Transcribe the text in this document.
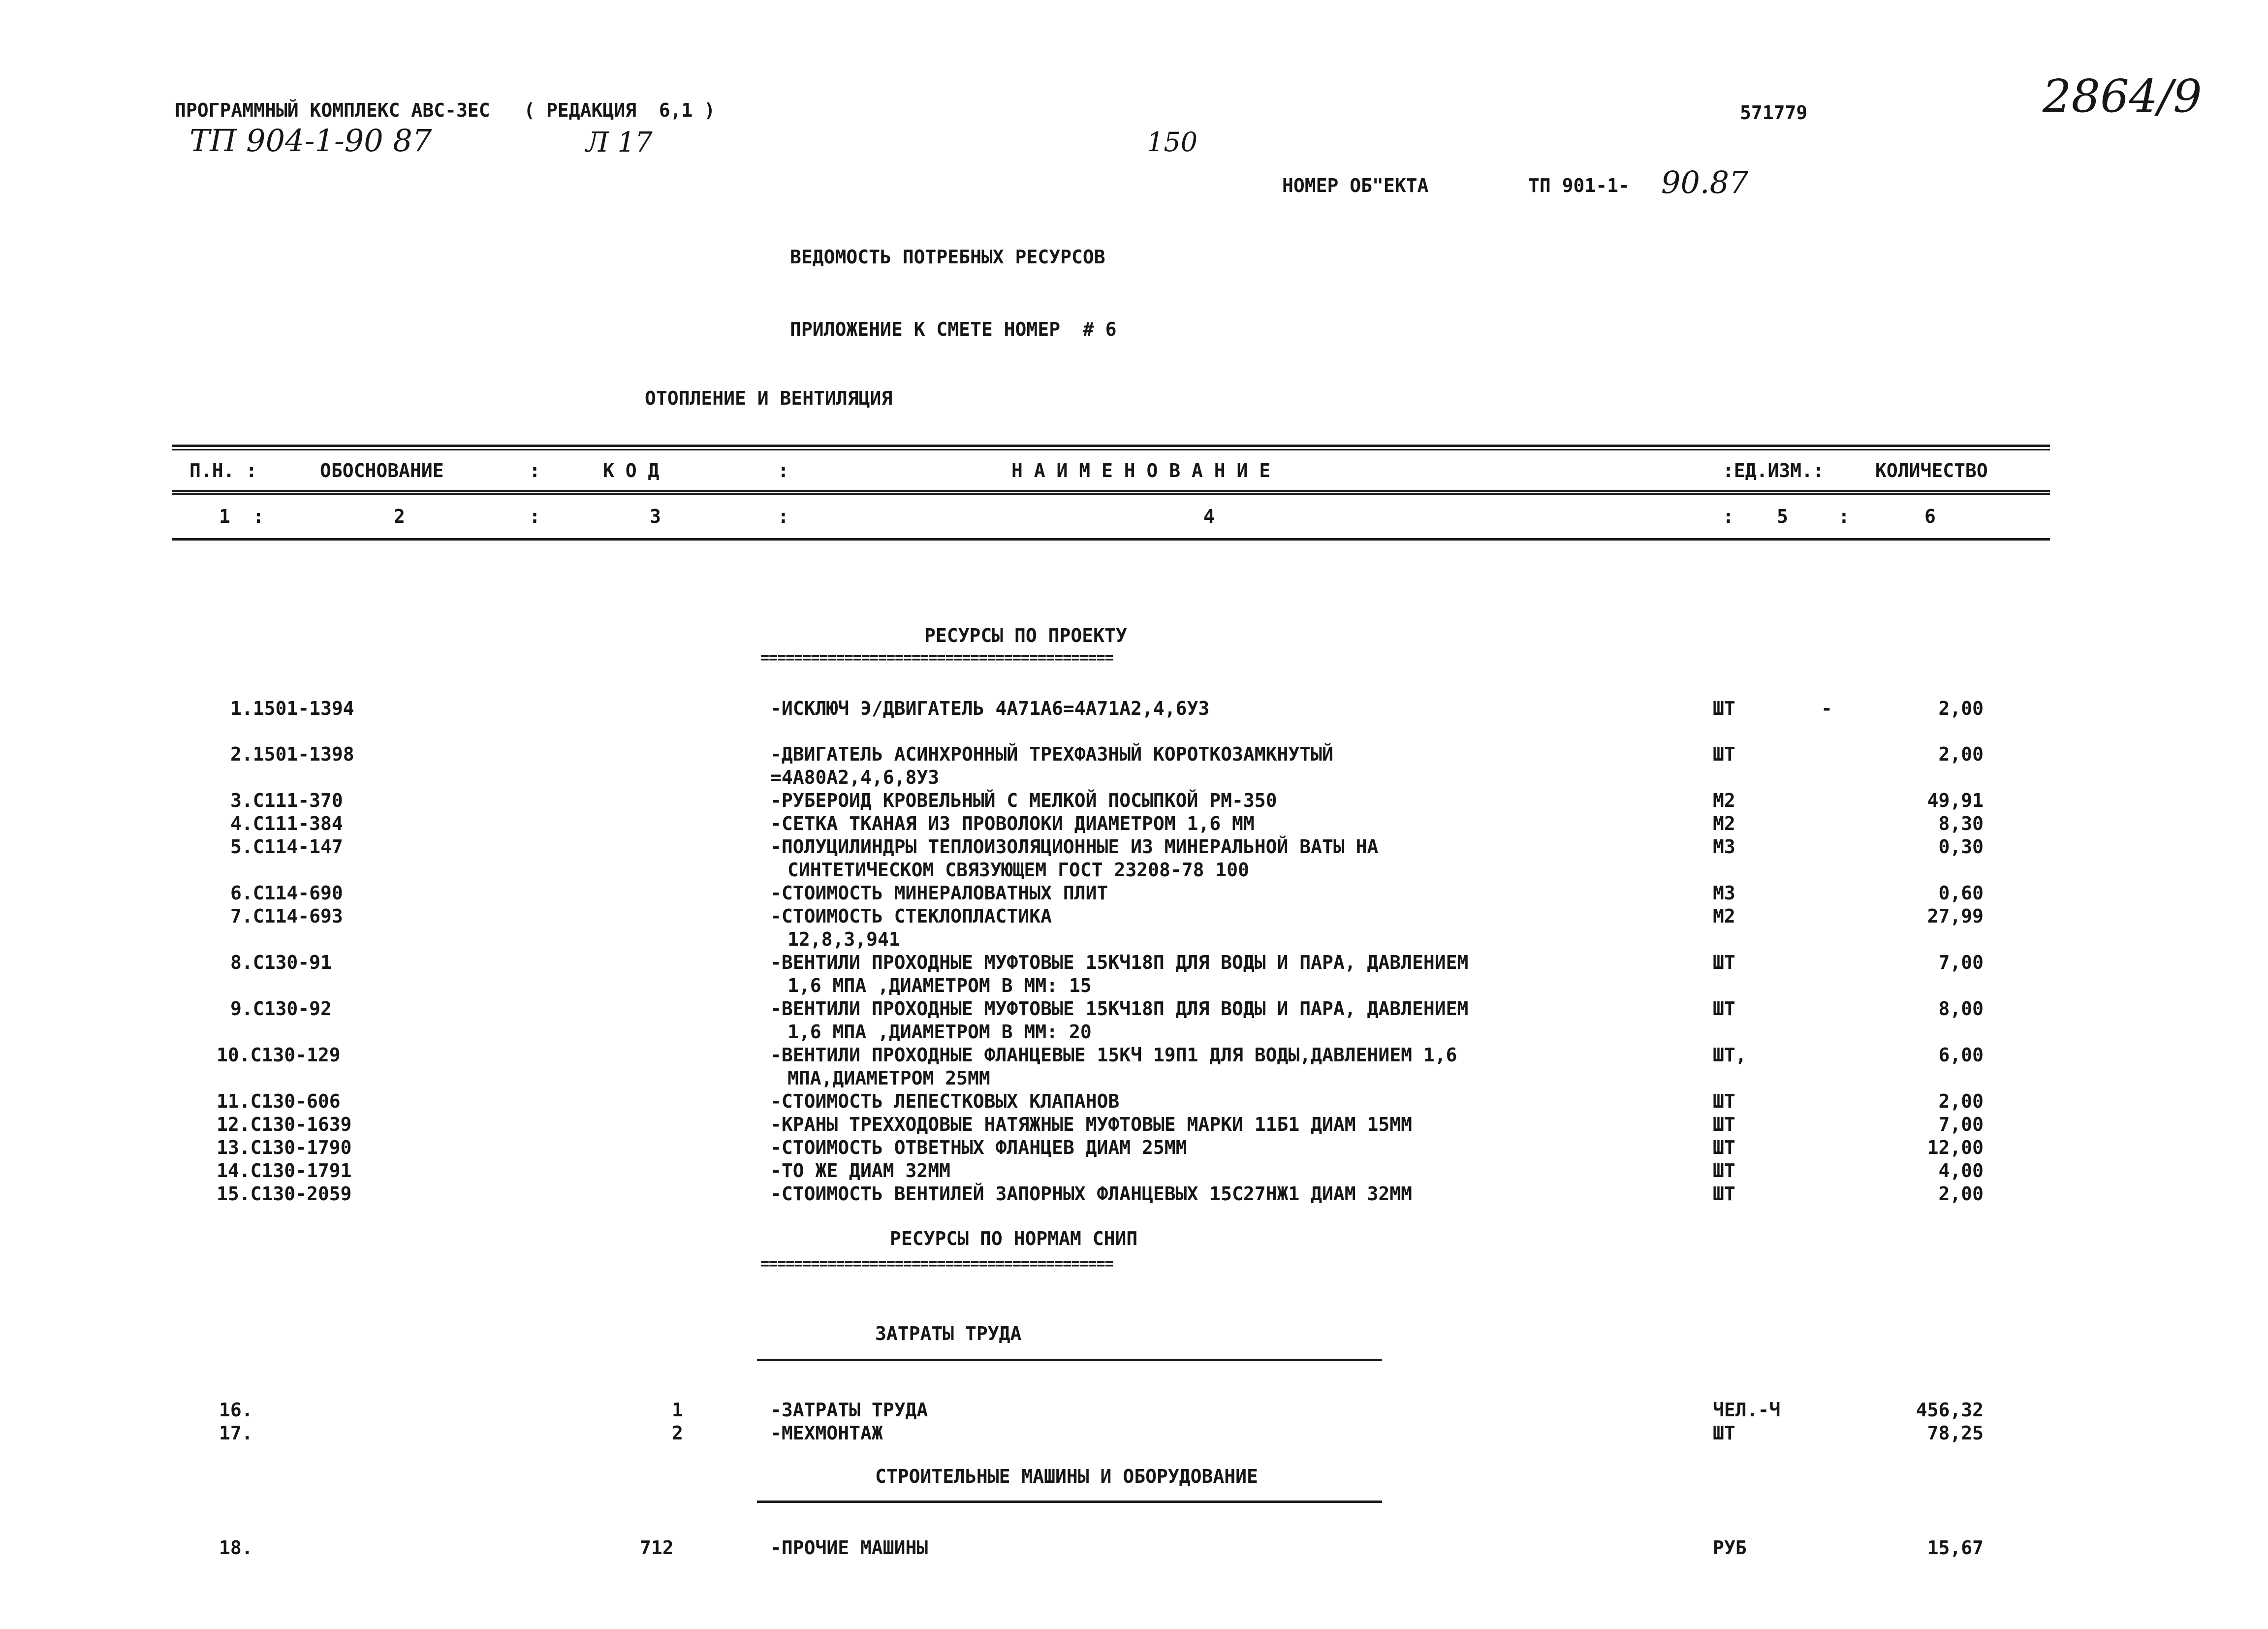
ПРОГРАММНЫЙ КОМПЛЕКС АВС-3ЕС   ( РЕДАКЦИЯ  6,1 )	571779
ТП 904-1-90 87	Л 17	150
2864/9
НОМЕР ОБ"ЕКТА	ТП 901-1- 90.87
ВЕДОМОСТЬ ПОТРЕБНЫХ РЕСУРСОВ
ПРИЛОЖЕНИЕ К СМЕТЕ НОМЕР  # 6
ОТОПЛЕНИЕ И ВЕНТИЛЯЦИЯ
П.Н. :	ОБОСНОВАНИЕ	:	К О Д	:	Н А И М Е Н О В А Н И Е	:ЕД.ИЗМ.:	КОЛИЧЕСТВО
1  :	2	:	3	:	4	: 5	:	6
РЕСУРСЫ ПО ПРОЕКТУ
==========================================
1.1501-1394	-ИСКЛЮЧ Э/ДВИГАТЕЛЬ 4А71А6=4А71А2,4,6У3	ШТ	-	2,00
2.1501-1398	-ДВИГАТЕЛЬ АСИНХРОННЫЙ ТРЕХФАЗНЫЙ КОРОТКОЗАМКНУТЫЙ	ШТ	2,00
=4А80А2,4,6,8У3
3.С111-370	-РУБЕРОИД КРОВЕЛЬНЫЙ С МЕЛКОЙ ПОСЫПКОЙ РМ-350	М2	49,91
4.С111-384	-СЕТКА ТКАНАЯ ИЗ ПРОВОЛОКИ ДИАМЕТРОМ 1,6 ММ	М2	8,30
5.С114-147	-ПОЛУЦИЛИНДРЫ ТЕПЛОИЗОЛЯЦИОННЫЕ ИЗ МИНЕРАЛЬНОЙ ВАТЫ НА	М3	0,30
СИНТЕТИЧЕСКОМ СВЯЗУЮЩЕМ ГОСТ 23208-78 100
6.С114-690	-СТОИМОСТЬ МИНЕРАЛОВАТНЫХ ПЛИТ	М3	0,60
7.С114-693	-СТОИМОСТЬ СТЕКЛОПЛАСТИКА	М2	27,99
12,8,3,941
8.С130-91	-ВЕНТИЛИ ПРОХОДНЫЕ МУФТОВЫЕ 15КЧ18П ДЛЯ ВОДЫ И ПАРА, ДАВЛЕНИЕМ	ШТ	7,00
1,6 МПА ,ДИАМЕТРОМ В ММ: 15
9.С130-92	-ВЕНТИЛИ ПРОХОДНЫЕ МУФТОВЫЕ 15КЧ18П ДЛЯ ВОДЫ И ПАРА, ДАВЛЕНИЕМ	ШТ	8,00
1,6 МПА ,ДИАМЕТРОМ В ММ: 20
10.С130-129	-ВЕНТИЛИ ПРОХОДНЫЕ ФЛАНЦЕВЫЕ 15КЧ 19П1 ДЛЯ ВОДЫ,ДАВЛЕНИЕМ 1,6	ШТ,	6,00
МПА,ДИАМЕТРОМ 25ММ
11.С130-606	-СТОИМОСТЬ ЛЕПЕСТКОВЫХ КЛАПАНОВ	ШТ	2,00
12.С130-1639	-КРАНЫ ТРЕХХОДОВЫЕ НАТЯЖНЫЕ МУФТОВЫЕ МАРКИ 11Б1 ДИАМ 15ММ	ШТ	7,00
13.С130-1790	-СТОИМОСТЬ ОТВЕТНЫХ ФЛАНЦЕВ ДИАМ 25ММ	ШТ	12,00
14.С130-1791	-ТО ЖЕ ДИАМ 32ММ	ШТ	4,00
15.С130-2059	-СТОИМОСТЬ ВЕНТИЛЕЙ ЗАПОРНЫХ ФЛАНЦЕВЫХ 15С27НЖ1 ДИАМ 32ММ	ШТ	2,00
РЕСУРСЫ ПО НОРМАМ СНИП
==========================================
ЗАТРАТЫ ТРУДА
16.	1	-ЗАТРАТЫ ТРУДА	ЧЕЛ.-Ч	456,32
17.	2	-МЕХМОНТАЖ	ШТ	78,25
СТРОИТЕЛЬНЫЕ МАШИНЫ И ОБОРУДОВАНИЕ
18.	712	-ПРОЧИЕ МАШИНЫ	РУБ	15,67
